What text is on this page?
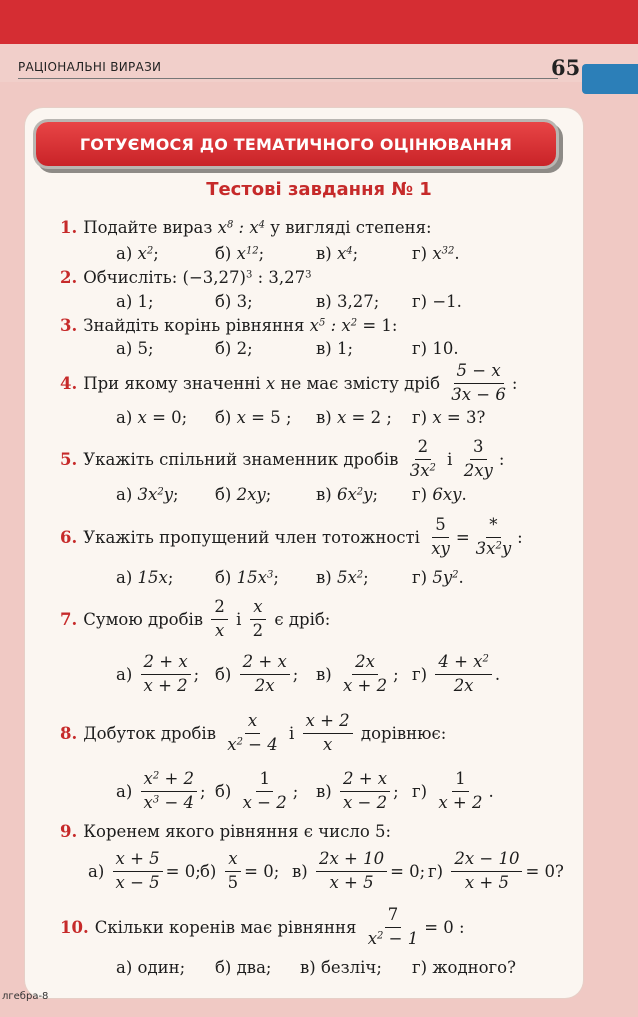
РАЦІОНАЛЬНІ ВИРАЗИ	65
ГОТУЄМОСЯ ДО ТЕМАТИЧНОГО ОЦІНЮВАННЯ
Тестові завдання № 1
1. Подайте вираз
$x^8$ : $x^4$
у вигляді степеня:
а)
$x^2$ ;	б)
$x^{12}$ ;	в)
$x^4$ ;	г)
$x^{32}$ .
2. Обчисліть:
$(-3,27)^3$ : 3,27$^3$
а) 1;	б) 3;	в) 3,27; г) −1.
3. Знайдіть корінь рівняння
$x^5$ : $x^2 = 1$:
а) 5;	б) 2;	в) 1;	г) 10.
4. При якому значенні
x
не має змісту дріб
$\frac{5 - x}{3x - 6}$ :
а)
x = 0; б)
x = 5 ; в)
x = 2 ; г)
x = 3?
5. Укажіть спільний знаменник дробів
$\frac{2}{3x^2}$
і
$\frac{3}{2xy}$ :
а)
$3x^2y$ ; б)
2xy ;	в)
$6x^2y$ ; г)
6xy .
6. Укажіть пропущений член тотожності
$\frac{5}{xy} = \frac{*}{3x^2y}$ :
а)
15x ;	б)
$15x^3$ ; в)
$5x^2$ ;	г)
$5y^2$ .
7. Сумою дробів
$\frac{2}{x}$
і
$\frac{x}{2}$
є дріб:
а)
$\frac{2 + x}{x + 2}$ ; б)
$\frac{2 + x}{2x}$ ; в)
$\frac{2x}{x + 2}$ ; г)
$\frac{4 + x^2}{2x}$ .
8. Добуток дробів
$\frac{x}{x^2 - 4}$
і
$\frac{x + 2}{x}$
дорівнює:
а)
$\frac{x^2 + 2}{x^3 - 4}$ ; б)
$\frac{1}{x - 2}$ ; в)
$\frac{2 + x}{x - 2}$ ; г)
$\frac{1}{x + 2}$ .
9. Коренем якого рівняння є число 5:
а)
$\frac{x + 5}{x - 5} = 0$; б)
$\frac{x}{5} = 0$; в)
$\frac{2x + 10}{x + 5} = 0$; г)
$\frac{2x - 10}{x + 5} = 0$?
10. Скільки коренів має рівняння
$\frac{7}{x^2 - 1} = 0$ :
а) один; б) два; в) безліч; г) жодного?
лгебра-8
